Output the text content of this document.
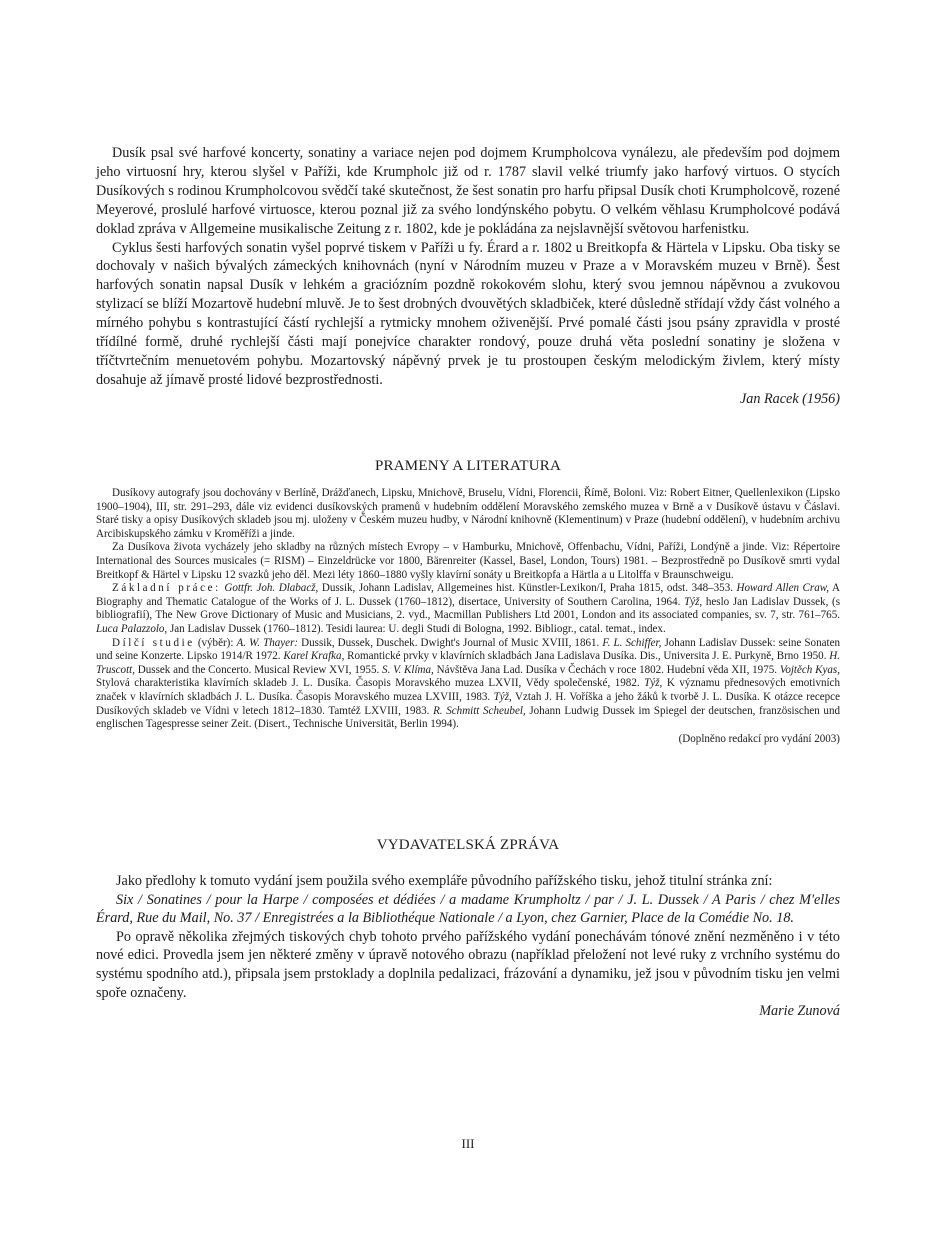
Dusík psal své harfové koncerty, sonatiny a variace nejen pod dojmem Krumpholcova vynálezu, ale především pod dojmem jeho virtuosní hry, kterou slyšel v Paříži, kde Krumpholc již od r. 1787 slavil velké triumfy jako harfový virtuos. O stycích Dusíkových s rodinou Krumpholcovou svědčí také skutečnost, že šest sonatin pro harfu připsal Dusík choti Krumpholcově, rozené Meyerové, proslulé harfové virtuosce, kterou poznal již za svého londýnského pobytu. O velkém věhlasu Krumpholcové podává doklad zpráva v Allgemeine musikalische Zeitung z r. 1802, kde je pokládána za nejslavnější světovou harfenistku.

Cyklus šesti harfových sonatin vyšel poprvé tiskem v Paříži u fy. Érard a r. 1802 u Breitkopfa & Härtela v Lipsku. Oba tisky se dochovaly v našich bývalých zámeckých knihovnách (nyní v Národním muzeu v Praze a v Moravském muzeu v Brně). Šest harfových sonatin napsal Dusík v lehkém a graciózním pozdně rokokovém slohu, který svou jemnou nápěvnou a zvukovou stylizací se blíží Mozartově hudební mluvě. Je to šest drobných dvouvětých skladbiček, které důsledně střídají vždy část volného a mírného pohybu s kontrastující částí rychlejší a rytmicky mnohem oživenější. Prvé pomalé části jsou psány zpravidla v prosté třídílné formě, druhé rychlejší části mají ponejvíce charakter rondový, pouze druhá věta poslední sonatiny je složena v tříčtvrtečním menuetovém pohybu. Mozartovský nápěvný prvek je tu prostoupen českým melodickým živlem, který místy dosahuje až jímavě prosté lidové bezprostřednosti.

Jan Racek (1956)
PRAMENY A LITERATURA

Dusíkovy autografy jsou dochovány v Berlíně, Drážďanech, Lipsku, Mnichově, Bruselu, Vídni, Florencii, Římě, Boloni. Viz: Robert Eitner, Quellenlexikon (Lipsko 1900–1904), III, str. 291–293, dále viz evidenci dusíkovských pramenů v hudebním oddělení Moravského zemského muzea v Brně a v Dusíkově ústavu v Čáslavi. Staré tisky a opisy Dusíkových skladeb jsou mj. uloženy v Českém muzeu hudby, v Národní knihovně (Klementinum) v Praze (hudební oddělení), v hudebním archivu Arcibiskupského zámku v Kroměříži a jinde.

Za Dusíkova života vycházely jeho skladby na různých místech Evropy – v Hamburku, Mnichově, Offenbachu, Vídni, Paříži, Londýně a jinde. Viz: Répertoire International des Sources musicales (= RISM) – Einzeldrücke vor 1800, Bärenreiter (Kassel, Basel, London, Tours) 1981. – Bezprostředně po Dusíkově smrti vydal Breitkopf & Härtel v Lipsku 12 svazků jeho děl. Mezi léty 1860–1880 vyšly klavírní sonáty u Breitkopfa a Härtla a u Litolffa v Braunschweigu.

Základní práce: Gottfr. Joh. Dlabacž, Dussik, Johann Ladislav, Allgemeines hist. Künstler-Lexikon/I, Praha 1815, odst. 348–353. Howard Allen Craw, A Biography and Thematic Catalogue of the Works of J. L. Dussek (1760–1812), disertace, University of Southern Carolina, 1964. Týž, heslo Jan Ladislav Dussek, (s bibliografií), The New Grove Dictionary of Music and Musicians, 2. vyd., Macmillan Publishers Ltd 2001, London and its associated companies, sv. 7, str. 761–765. Luca Palazzolo, Jan Ladislav Dussek (1760–1812). Tesidi laurea: U. degli Studi di Bologna, 1992. Bibliogr., catal. temat., index.

Dílčí studie (výběr): A. W. Thayer: Dussik, Dussek, Duschek. Dwight's Journal of Music XVIII, 1861. F. L. Schiffer, Johann Ladislav Dussek: seine Sonaten und seine Konzerte. Lipsko 1914/R 1972. Karel Krafka, Romantické prvky v klavírních skladbách Jana Ladislava Dusíka. Dis., Universita J. E. Purkyně, Brno 1950. H. Truscott, Dussek and the Concerto. Musical Review XVI, 1955. S. V. Klíma, Návštěva Jana Lad. Dusíka v Čechách v roce 1802. Hudební věda XII, 1975. Vojtěch Kyas, Stylová charakteristika klavírních skladeb J. L. Dusíka. Časopis Moravského muzea LXVII, Vědy společenské, 1982. Týž, K významu přednesových emotivních značek v klavírních skladbách J. L. Dusíka. Časopis Moravského muzea LXVIII, 1983. Týž, Vztah J. H. Voříška a jeho žáků k tvorbě J. L. Dusíka. K otázce recepce Dusíkových skladeb ve Vídni v letech 1812–1830. Tamtéž LXVIII, 1983. R. Schmitt Scheubel, Johann Ludwig Dussek im Spiegel der deutschen, französischen und englischen Tagespresse seiner Zeit. (Disert., Technische Universität, Berlin 1994).

(Doplněno redakcí pro vydání 2003)
VYDAVATELSKÁ ZPRÁVA

Jako předlohy k tomuto vydání jsem použila svého exempláře původního pařížského tisku, jehož titulní stránka zní:

Six / Sonatines / pour la Harpe / composées et dédiées / a madame Krumpholtz / par / J. L. Dussek / A Paris / chez M'elles Érard, Rue du Mail, No. 37 / Enregistrées a la Bibliothéque Nationale / a Lyon, chez Garnier, Place de la Comédie No. 18.

Po opravě několika zřejmých tiskových chyb tohoto prvého pařížského vydání ponechávám tónové znění nezměněno i v této nové edici. Provedla jsem jen některé změny v úpravě notového obrazu (například přeložení not levé ruky z vrchního systému do systému spodního atd.), připsala jsem prstoklady a doplnila pedalizaci, frázování a dynamiku, jež jsou v původním tisku jen velmi spoře označeny.

Marie Zunová
III
